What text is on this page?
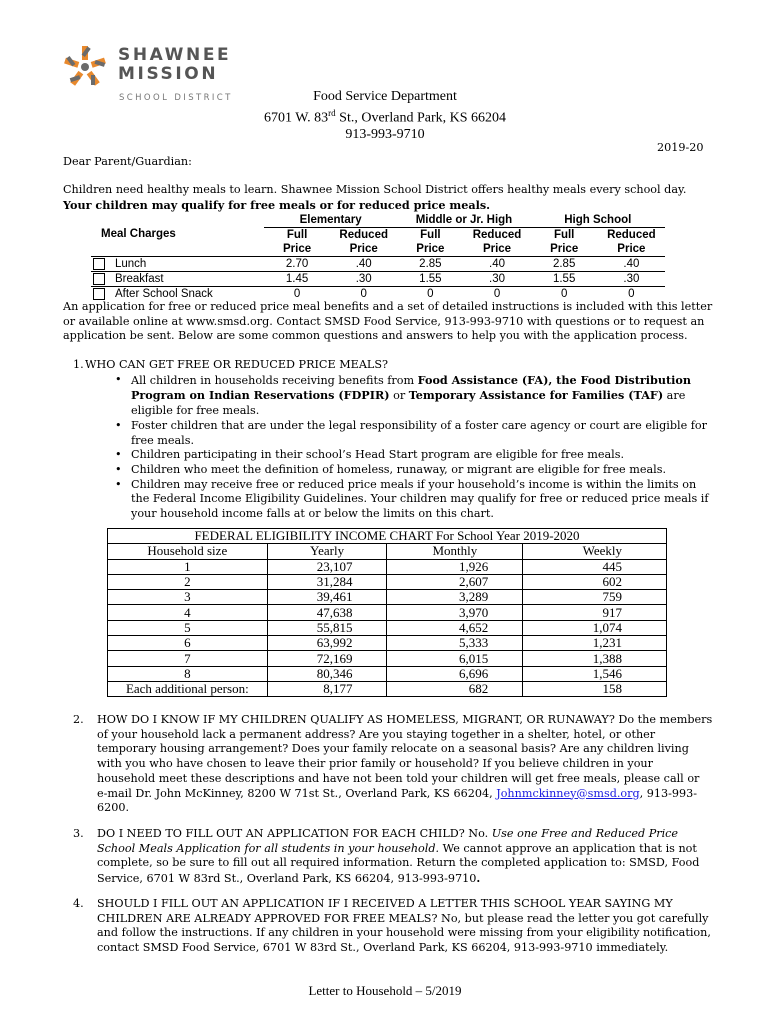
SHAWNEE
MISSION
SCHOOL DISTRICT	Food Service Department
6701 W. 83rd St., Overland Park, KS 66204
913-993-9710
2019-20
Dear Parent/Guardian:
Children need healthy meals to learn. Shawnee Mission School District offers healthy meals every school day. Your children may qualify for free meals or for reduced price meals.
	Elementary		Middle or Jr. High		High School	
Meal Charges	Full	Reduced	Full	Reduced	Full	Reduced
	Price	Price	Price	Price	Price	Price
Lunch	2.70	.40	2.85	.40	2.85	.40
Breakfast	1.45	.30	1.55	.30	1.55	.30
After School Snack	0	0	0	0	0	0
An application for free or reduced price meal benefits and a set of detailed instructions is included with this letter or available online at www.smsd.org. Contact SMSD Food Service, 913-993-9710 with questions or to request an application be sent. Below are some common questions and answers to help you with the application process.
1. WHO CAN GET FREE OR REDUCED PRICE MEALS?
• All children in households receiving benefits from Food Assistance (FA), the Food Distribution Program on Indian Reservations (FDPIR) or Temporary Assistance for Families (TAF) are eligible for free meals.
• Foster children that are under the legal responsibility of a foster care agency or court are eligible for free meals.
• Children participating in their school’s Head Start program are eligible for free meals.
• Children who meet the definition of homeless, runaway, or migrant are eligible for free meals.
• Children may receive free or reduced price meals if your household’s income is within the limits on the Federal Income Eligibility Guidelines. Your children may qualify for free or reduced price meals if your household income falls at or below the limits on this chart.
FEDERAL ELIGIBILITY INCOME CHART For School Year 2019-2020			
Household size	Yearly	Monthly	Weekly
1	23,107	1,926	445
2	31,284	2,607	602
3	39,461	3,289	759
4	47,638	3,970	917
5	55,815	4,652	1,074
6	63,992	5,333	1,231
7	72,169	6,015	1,388
8	80,346	6,696	1,546
Each additional person:	8,177	682	158
2. HOW DO I KNOW IF MY CHILDREN QUALIFY AS HOMELESS, MIGRANT, OR RUNAWAY? Do the members of your household lack a permanent address? Are you staying together in a shelter, hotel, or other temporary housing arrangement? Does your family relocate on a seasonal basis? Are any children living with you who have chosen to leave their prior family or household? If you believe children in your household meet these descriptions and have not been told your children will get free meals, please call or e-mail Dr. John McKinney, 8200 W 71st St., Overland Park, KS 66204, Johnmckinney@smsd.org, 913-993-6200.
3. DO I NEED TO FILL OUT AN APPLICATION FOR EACH CHILD? No. Use one Free and Reduced Price School Meals Application for all students in your household. We cannot approve an application that is not complete, so be sure to fill out all required information. Return the completed application to: SMSD, Food Service, 6701 W 83rd St., Overland Park, KS 66204, 913-993-9710.
4. SHOULD I FILL OUT AN APPLICATION IF I RECEIVED A LETTER THIS SCHOOL YEAR SAYING MY CHILDREN ARE ALREADY APPROVED FOR FREE MEALS? No, but please read the letter you got carefully and follow the instructions. If any children in your household were missing from your eligibility notification, contact SMSD Food Service, 6701 W 83rd St., Overland Park, KS 66204, 913-993-9710 immediately.
Letter to Household – 5/2019
